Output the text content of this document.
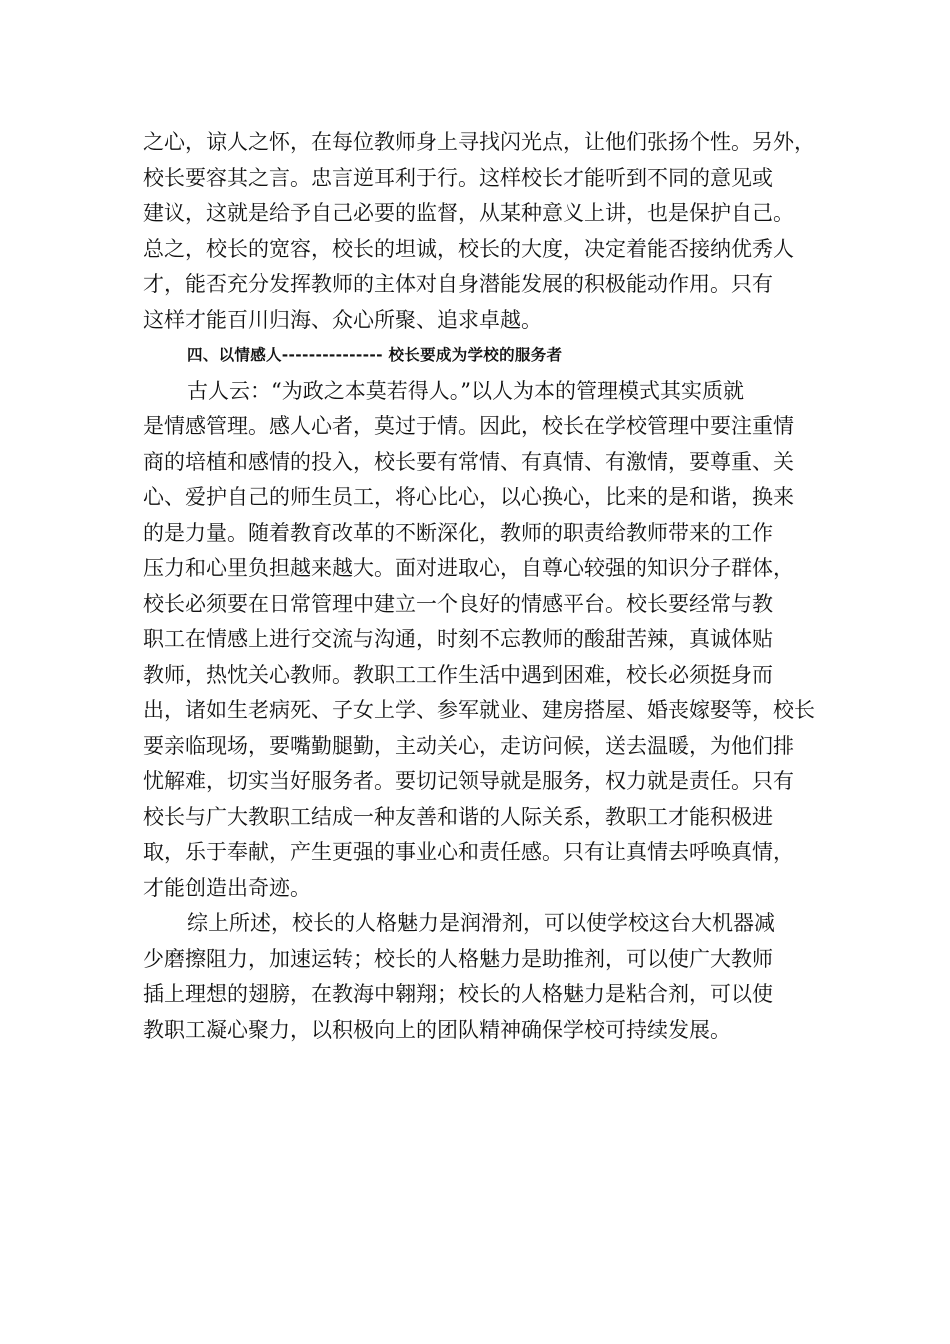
之心，谅人之怀，在每位教师身上寻找闪光点，让他们张扬个性。另外，
校长要容其之言。忠言逆耳利于行。这样校长才能听到不同的意见或
建议，这就是给予自己必要的监督，从某种意义上讲，也是保护自己。
总之，校长的宽容，校长的坦诚，校长的大度，决定着能否接纳优秀人
才，能否充分发挥教师的主体对自身潜能发展的积极能动作用。只有
这样才能百川归海、众心所聚、追求卓越。
四、以情感人--------------- 校长要成为学校的服务者
古人云：“为政之本莫若得人。”以人为本的管理模式其实质就
是情感管理。感人心者，莫过于情。因此，校长在学校管理中要注重情
商的培植和感情的投入，校长要有常情、有真情、有激情，要尊重、关
心、爱护自己的师生员工，将心比心，以心换心，比来的是和谐，换来
的是力量。随着教育改革的不断深化，教师的职责给教师带来的工作
压力和心里负担越来越大。面对进取心，自尊心较强的知识分子群体，
校长必须要在日常管理中建立一个良好的情感平台。校长要经常与教
职工在情感上进行交流与沟通，时刻不忘教师的酸甜苦辣，真诚体贴
教师，热忱关心教师。教职工工作生活中遇到困难，校长必须挺身而
出，诸如生老病死、子女上学、参军就业、建房搭屋、婚丧嫁娶等，校长
要亲临现场，要嘴勤腿勤，主动关心，走访问候，送去温暖，为他们排
忧解难，切实当好服务者。要切记领导就是服务，权力就是责任。只有
校长与广大教职工结成一种友善和谐的人际关系，教职工才能积极进
取，乐于奉献，产生更强的事业心和责任感。只有让真情去呼唤真情，
才能创造出奇迹。
综上所述，校长的人格魅力是润滑剂，可以使学校这台大机器减
少磨擦阻力，加速运转；校长的人格魅力是助推剂，可以使广大教师
插上理想的翅膀，在教海中翱翔；校长的人格魅力是粘合剂，可以使
教职工凝心聚力，以积极向上的团队精神确保学校可持续发展。
